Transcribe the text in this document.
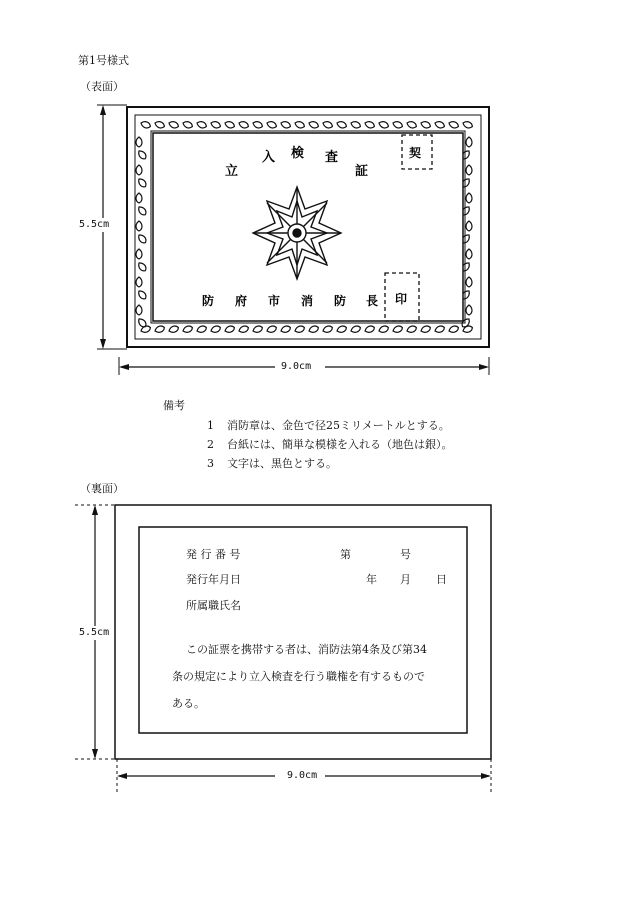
第1号様式
（表面）
立
入 検 査
証
防 府 市 消 防 長
契
印
5.5cm
9.0cm
備考
1 消防章は、金色で径25ミリメートルとする。
2 台紙には、簡単な模様を入れる（地色は銀）。
3 文字は、黒色とする。
（裏面）
5.5cm
9.0cm
発 行 番 号	第	号
発行年月日	年 月 日
所属職氏名
この証票を携帯する者は、消防法第4条及び第34
条の規定により立入検査を行う職権を有するもので
ある。
